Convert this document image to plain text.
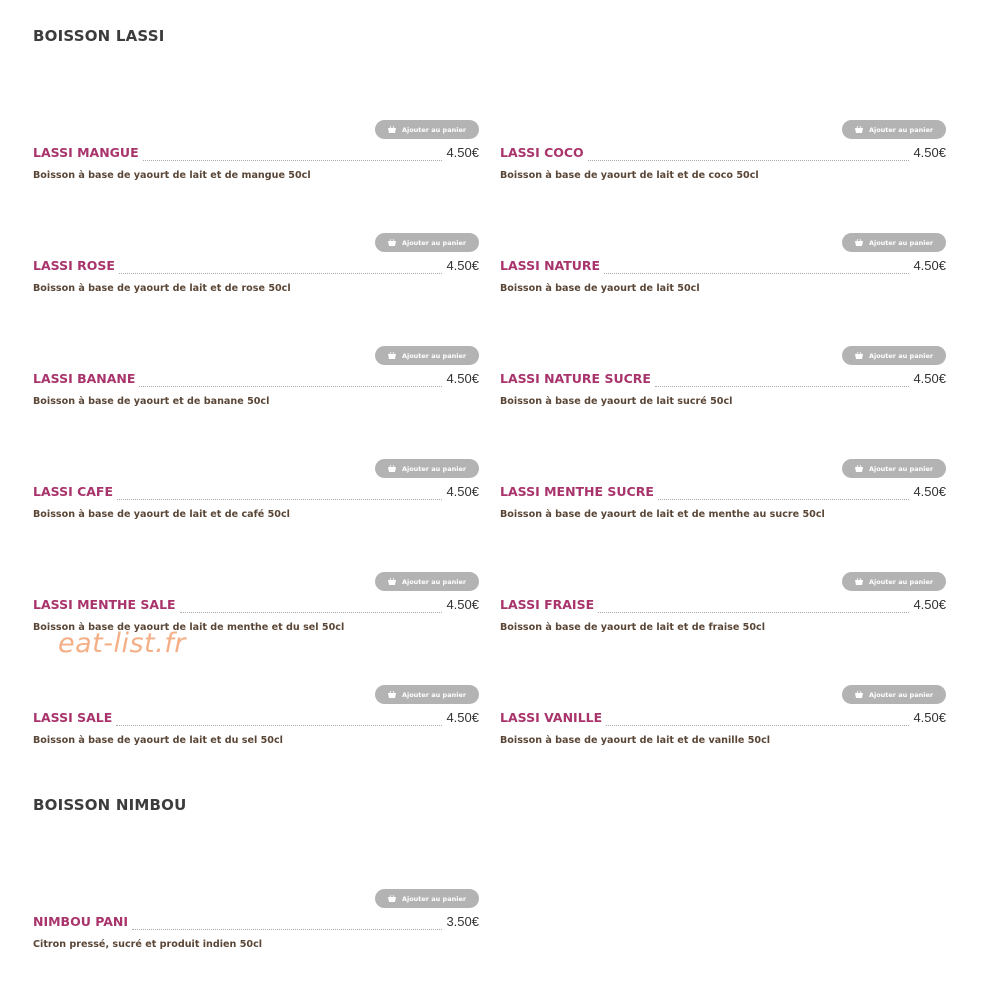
BOISSON LASSI
Ajouter au panier
LASSI MANGUE	4.50€

Boisson à base de yaourt de lait et de mangue 50cl

Ajouter au panier
LASSI COCO	4.50€

Boisson à base de yaourt de lait et de coco 50cl

Ajouter au panier
LASSI ROSE	4.50€

Boisson à base de yaourt de lait et de rose 50cl

Ajouter au panier
LASSI NATURE	4.50€

Boisson à base de yaourt de lait 50cl

Ajouter au panier
LASSI BANANE	4.50€

Boisson à base de yaourt et de banane 50cl

Ajouter au panier
LASSI NATURE SUCRE	4.50€

Boisson à base de yaourt de lait sucré 50cl

Ajouter au panier
LASSI CAFE	4.50€

Boisson à base de yaourt de lait et de café 50cl

Ajouter au panier
LASSI MENTHE SUCRE	4.50€

Boisson à base de yaourt de lait et de menthe au sucre 50cl

Ajouter au panier
LASSI MENTHE SALE	4.50€

Boisson à base de yaourt de lait de menthe et du sel 50cl

Ajouter au panier
LASSI FRAISE	4.50€

Boisson à base de yaourt de lait et de fraise 50cl

Ajouter au panier
LASSI SALE	4.50€

Boisson à base de yaourt de lait et du sel 50cl

Ajouter au panier
LASSI VANILLE	4.50€

Boisson à base de yaourt de lait et de vanille 50cl

BOISSON NIMBOU
Ajouter au panier
NIMBOU PANI	3.50€

Citron pressé, sucré et produit indien 50cl

eat-list.fr
